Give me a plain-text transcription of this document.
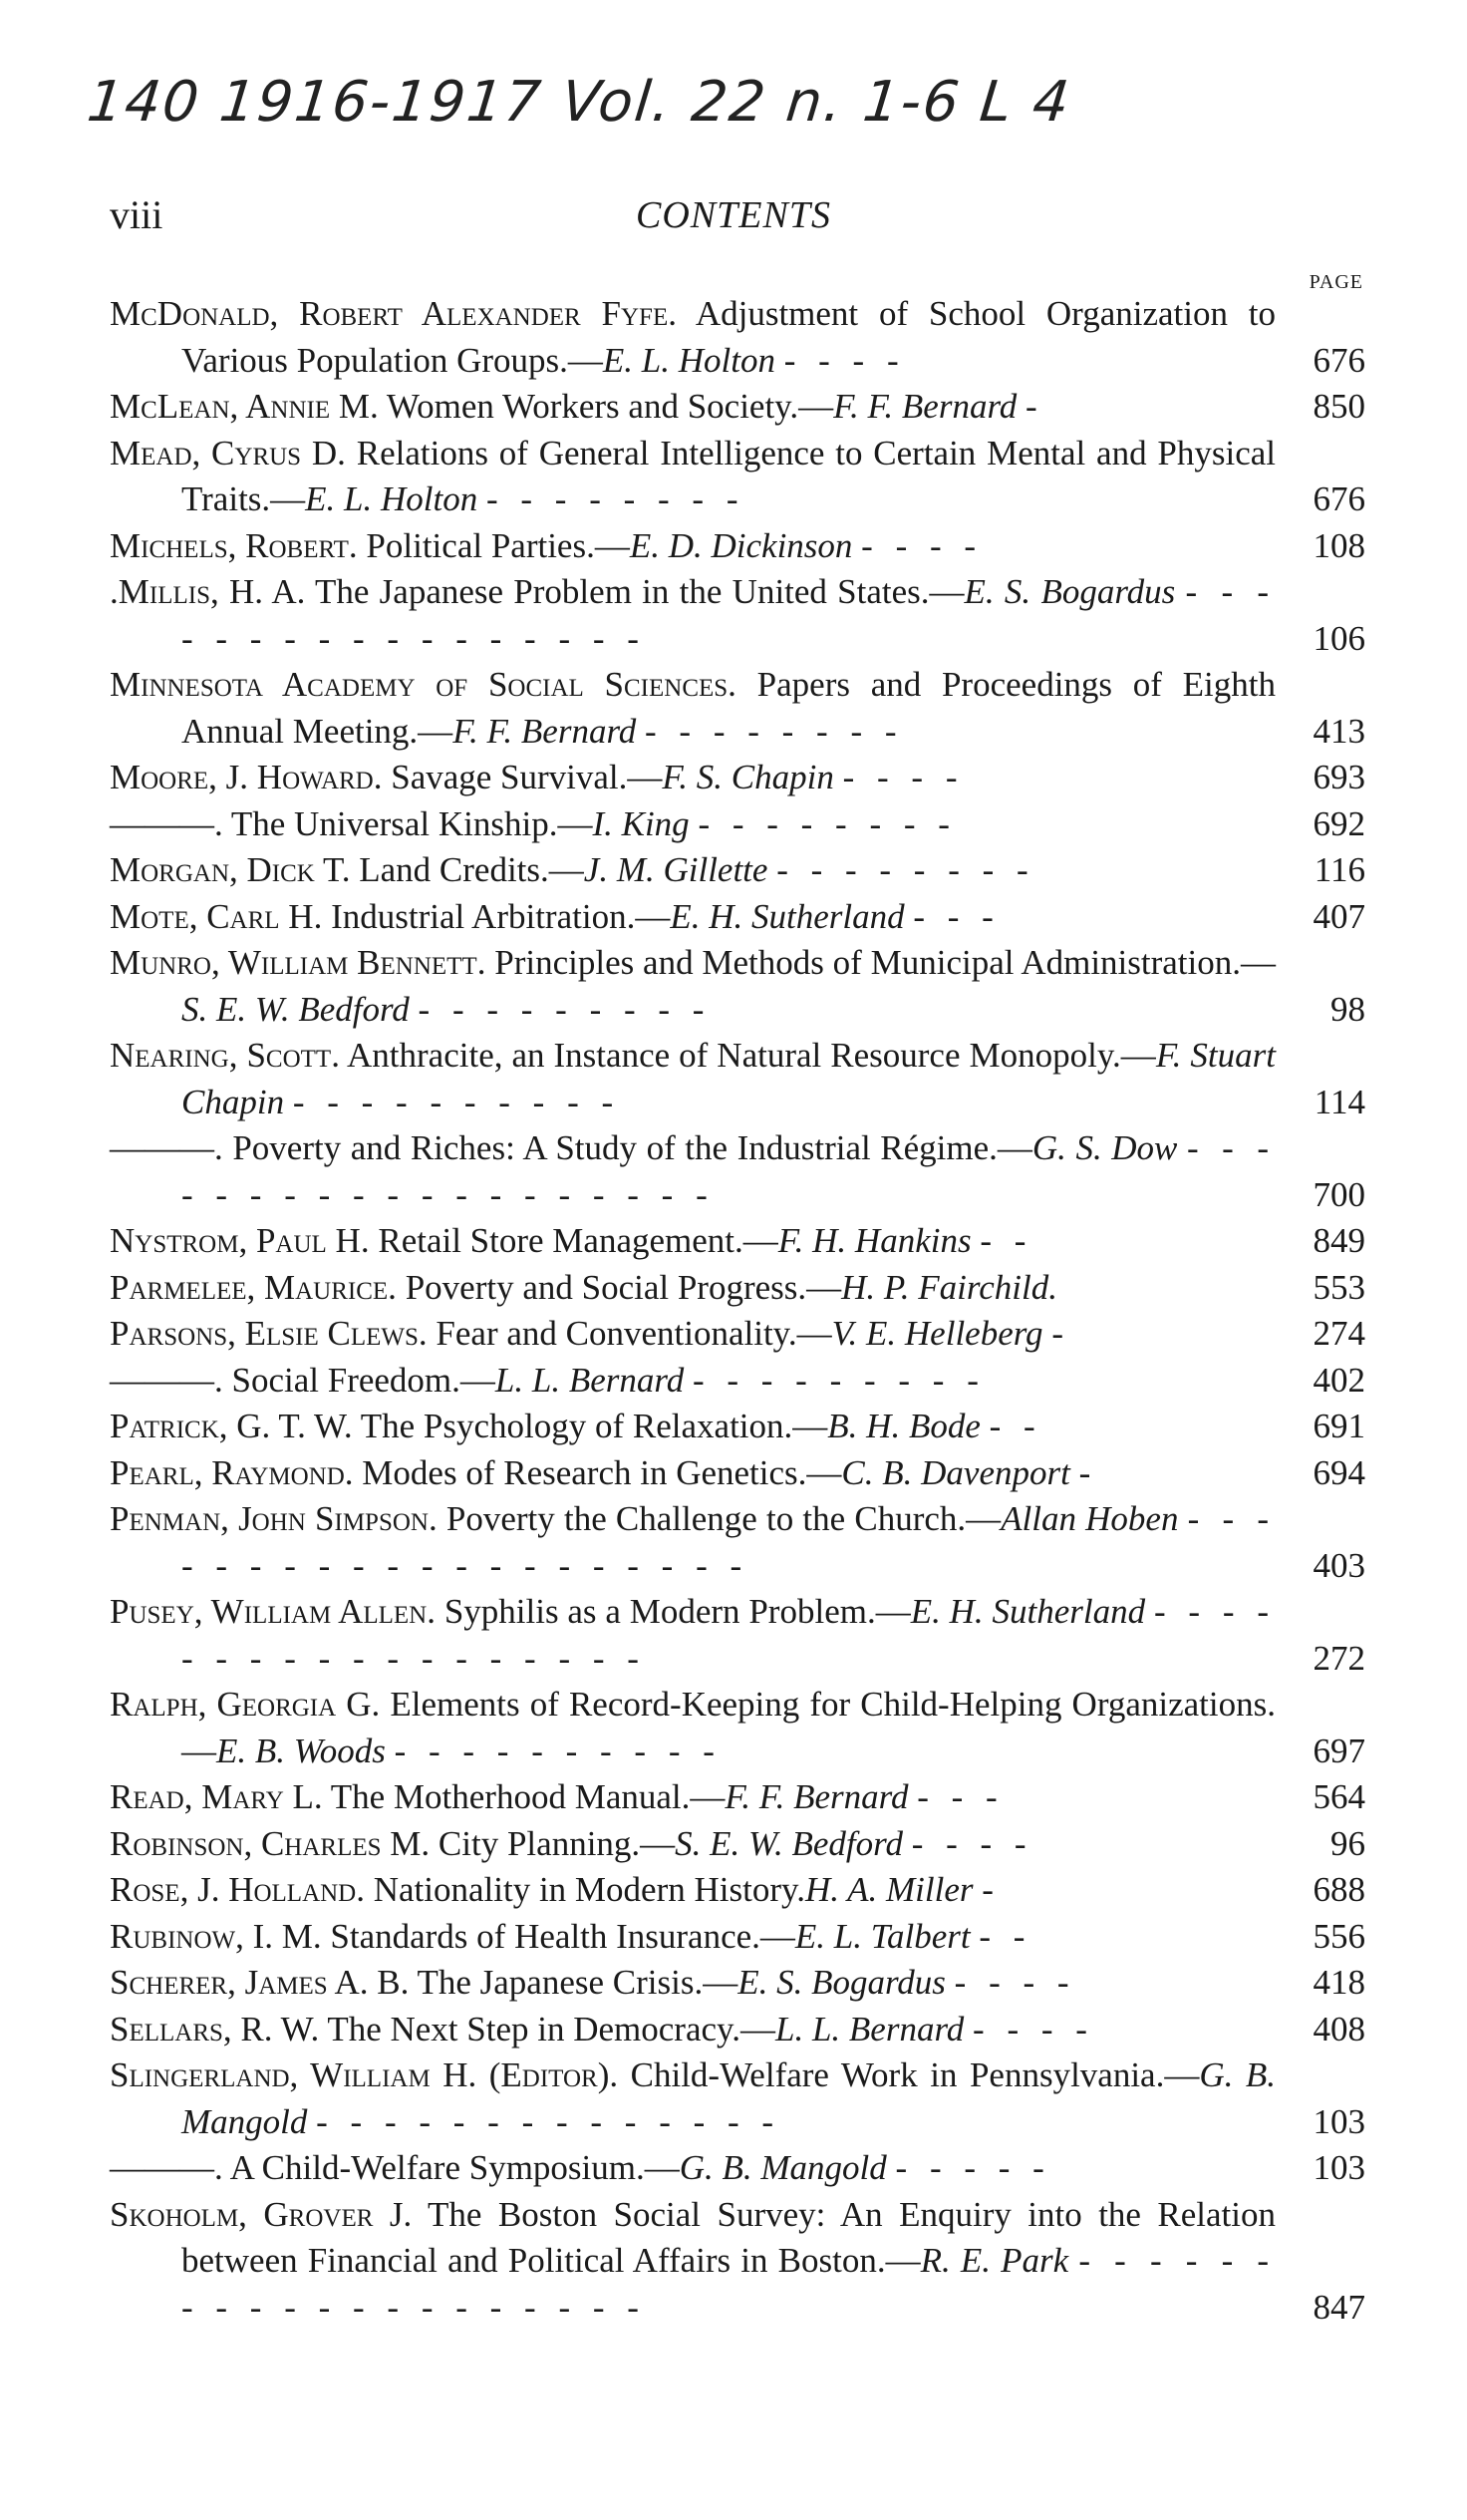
140 1916-1917 Vol. 22 n. 1-6 L 4
viii	CONTENTS
PAGE
McDonald, Robert Alexander Fyfe. Adjustment of School Organization to Various Population Groups.—E. L. Holton - - - -	676
McLean, Annie M. Women Workers and Society.—F. F. Bernard -	850
Mead, Cyrus D. Relations of General Intelligence to Certain Mental and Physical Traits.—E. L. Holton - - - - - - - -	676
Michels, Robert. Political Parties.—E. D. Dickinson - - - -	108
.Millis, H. A. The Japanese Problem in the United States.—E. S. Bogardus - - - - - - - - - - - - - - - - -	106
Minnesota Academy of Social Sciences. Papers and Proceedings of Eighth Annual Meeting.—F. F. Bernard - - - - - - - -	413
Moore, J. Howard. Savage Survival.—F. S. Chapin - - - -	693
———. The Universal Kinship.—I. King - - - - - - - -	692
Morgan, Dick T. Land Credits.—J. M. Gillette - - - - - - - -	116
Mote, Carl H. Industrial Arbitration.—E. H. Sutherland - - -	407
Munro, William Bennett. Principles and Methods of Municipal Administration.—S. E. W. Bedford - - - - - - - - -	98
Nearing, Scott. Anthracite, an Instance of Natural Resource Monopoly.—F. Stuart Chapin - - - - - - - - - -	114
———. Poverty and Riches: A Study of the Industrial Régime.—G. S. Dow - - - - - - - - - - - - - - - - - - -	700
Nystrom, Paul H. Retail Store Management.—F. H. Hankins - -	849
Parmelee, Maurice. Poverty and Social Progress.—H. P. Fairchild.	553
Parsons, Elsie Clews. Fear and Conventionality.—V. E. Helleberg -	274
———. Social Freedom.—L. L. Bernard - - - - - - - - -	402
Patrick, G. T. W. The Psychology of Relaxation.—B. H. Bode - -	691
Pearl, Raymond. Modes of Research in Genetics.—C. B. Davenport -	694
Penman, John Simpson. Poverty the Challenge to the Church.—Allan Hoben - - - - - - - - - - - - - - - - - - - -	403
Pusey, William Allen. Syphilis as a Modern Problem.—E. H. Sutherland - - - - - - - - - - - - - - - - - -	272
Ralph, Georgia G. Elements of Record-Keeping for Child-Helping Organizations.—E. B. Woods - - - - - - - - - -	697
Read, Mary L. The Motherhood Manual.—F. F. Bernard - - -	564
Robinson, Charles M. City Planning.—S. E. W. Bedford - - - -	96
Rose, J. Holland. Nationality in Modern History.H. A. Miller -	688
Rubinow, I. M. Standards of Health Insurance.—E. L. Talbert - -	556
Scherer, James A. B. The Japanese Crisis.—E. S. Bogardus - - - -	418
Sellars, R. W. The Next Step in Democracy.—L. L. Bernard - - - -	408
Slingerland, William H. (Editor). Child-Welfare Work in Pennsylvania.—G. B. Mangold - - - - - - - - - - - - - -	103
———. A Child-Welfare Symposium.—G. B. Mangold - - - - -	103
Skoholm, Grover J. The Boston Social Survey: An Enquiry into the Relation between Financial and Political Affairs in Boston.—R. E. Park - - - - - - - - - - - - - - - - - - - -	847
